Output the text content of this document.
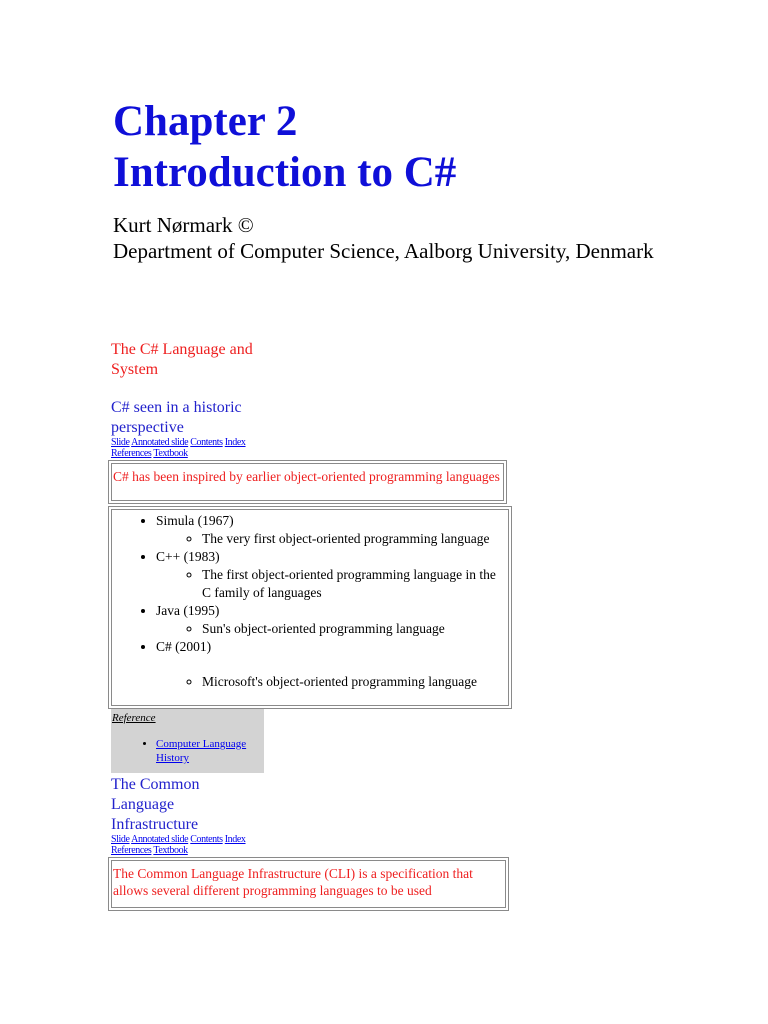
Chapter 2
Introduction to C#
Kurt Nørmark ©
Department of Computer Science, Aalborg University, Denmark
The C# Language and System
C# seen in a historic perspective
Slide Annotated slide Contents Index
References Textbook
C# has been inspired by earlier object-oriented programming languages
• Simula (1967)
◦ The very first object-oriented programming language
• C++ (1983)
◦ The first object-oriented programming language in the C family of languages
• Java (1995)
◦ Sun's object-oriented programming language
• C# (2001)
◦ Microsoft's object-oriented programming language
Reference
• Computer Language History
The Common Language Infrastructure
Slide Annotated slide Contents Index
References Textbook
The Common Language Infrastructure (CLI) is a specification that allows several different programming languages to be used
